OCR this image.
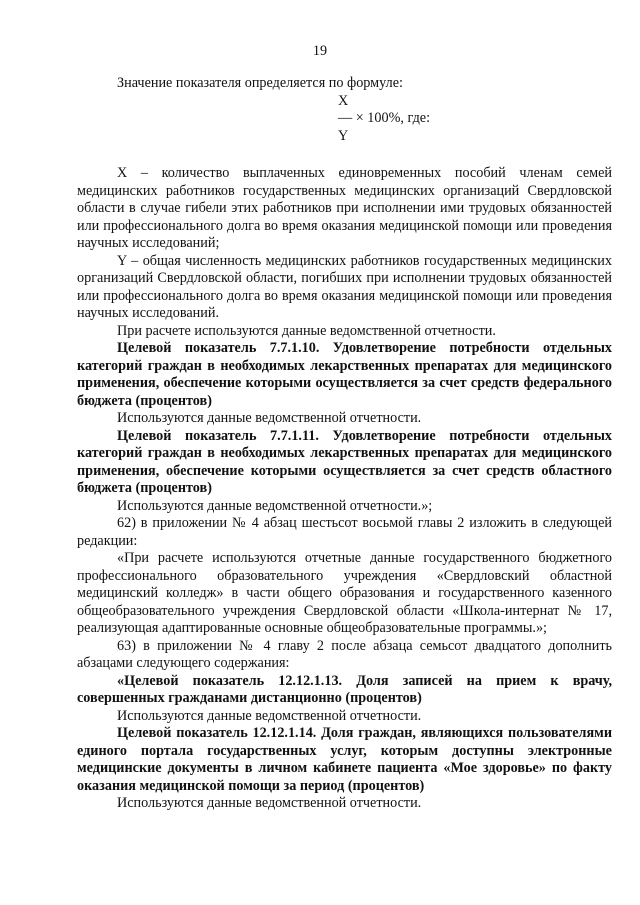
19
Значение показателя определяется по формуле:
X
— × 100%, где:
Y

X – количество выплаченных единовременных пособий членам семей медицинских работников государственных медицинских организаций Свердловской области в случае гибели этих работников при исполнении ими трудовых обязанностей или профессионального долга во время оказания медицинской помощи или проведения научных исследований;

Y – общая численность медицинских работников государственных медицинских организаций Свердловской области, погибших при исполнении трудовых обязанностей или профессионального долга во время оказания медицинской помощи или проведения научных исследований.

При расчете используются данные ведомственной отчетности.

Целевой показатель 7.7.1.10. Удовлетворение потребности отдельных категорий граждан в необходимых лекарственных препаратах для медицинского применения, обеспечение которыми осуществляется за счет средств федерального бюджета (процентов)

Используются данные ведомственной отчетности.

Целевой показатель 7.7.1.11. Удовлетворение потребности отдельных категорий граждан в необходимых лекарственных препаратах для медицинского применения, обеспечение которыми осуществляется за счет средств областного бюджета (процентов)

Используются данные ведомственной отчетности.»;

62) в приложении № 4 абзац шестьсот восьмой главы 2 изложить в следующей редакции:

«При расчете используются отчетные данные государственного бюджетного профессионального образовательного учреждения «Свердловский областной медицинский колледж» в части общего образования и государственного казенного общеобразовательного учреждения Свердловской области «Школа-интернат № 17, реализующая адаптированные основные общеобразовательные программы.»;

63) в приложении № 4 главу 2 после абзаца семьсот двадцатого дополнить абзацами следующего содержания:

«Целевой показатель 12.12.1.13. Доля записей на прием к врачу, совершенных гражданами дистанционно (процентов)

Используются данные ведомственной отчетности.

Целевой показатель 12.12.1.14. Доля граждан, являющихся пользователями единого портала государственных услуг, которым доступны электронные медицинские документы в личном кабинете пациента «Мое здоровье» по факту оказания медицинской помощи за период (процентов)

Используются данные ведомственной отчетности.
